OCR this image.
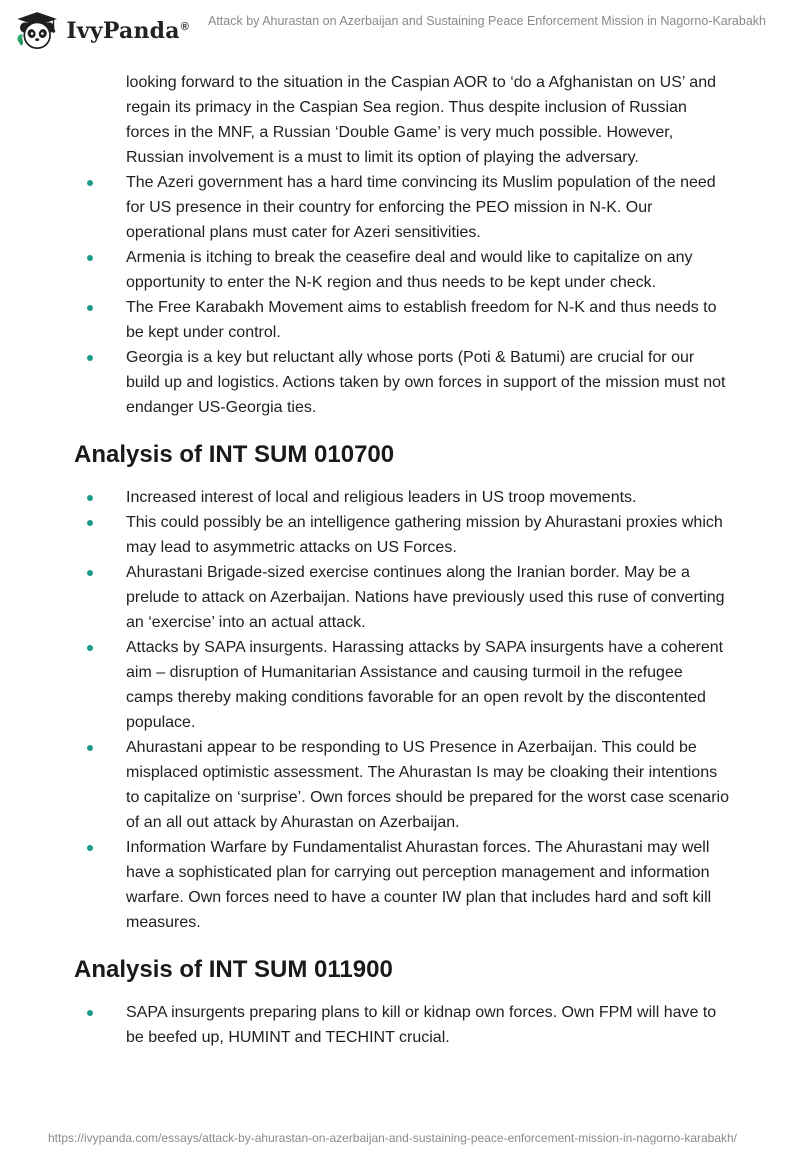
IvyPanda® Attack by Ahurastan on Azerbaijan and Sustaining Peace Enforcement Mission in Nagorno-Karabakh
looking forward to the situation in the Caspian AOR to ‘do a Afghanistan on US’ and regain its primacy in the Caspian Sea region. Thus despite inclusion of Russian forces in the MNF, a Russian ‘Double Game’ is very much possible. However, Russian involvement is a must to limit its option of playing the adversary.
The Azeri government has a hard time convincing its Muslim population of the need for US presence in their country for enforcing the PEO mission in N-K. Our operational plans must cater for Azeri sensitivities.
Armenia is itching to break the ceasefire deal and would like to capitalize on any opportunity to enter the N-K region and thus needs to be kept under check.
The Free Karabakh Movement aims to establish freedom for N-K and thus needs to be kept under control.
Georgia is a key but reluctant ally whose ports (Poti & Batumi) are crucial for our build up and logistics. Actions taken by own forces in support of the mission must not endanger US-Georgia ties.
Analysis of INT SUM 010700
Increased interest of local and religious leaders in US troop movements.
This could possibly be an intelligence gathering mission by Ahurastani proxies which may lead to asymmetric attacks on US Forces.
Ahurastani Brigade-sized exercise continues along the Iranian border. May be a prelude to attack on Azerbaijan. Nations have previously used this ruse of converting an ‘exercise’ into an actual attack.
Attacks by SAPA insurgents. Harassing attacks by SAPA insurgents have a coherent aim – disruption of Humanitarian Assistance and causing turmoil in the refugee camps thereby making conditions favorable for an open revolt by the discontented populace.
Ahurastani appear to be responding to US Presence in Azerbaijan. This could be misplaced optimistic assessment. The Ahurastan Is may be cloaking their intentions to capitalize on ‘surprise’. Own forces should be prepared for the worst case scenario of an all out attack by Ahurastan on Azerbaijan.
Information Warfare by Fundamentalist Ahurastan forces. The Ahurastani may well have a sophisticated plan for carrying out perception management and information warfare. Own forces need to have a counter IW plan that includes hard and soft kill measures.
Analysis of INT SUM 011900
SAPA insurgents preparing plans to kill or kidnap own forces. Own FPM will have to be beefed up, HUMINT and TECHINT crucial.
https://ivypanda.com/essays/attack-by-ahurastan-on-azerbaijan-and-sustaining-peace-enforcement-mission-in-nagorno-karabakh/
